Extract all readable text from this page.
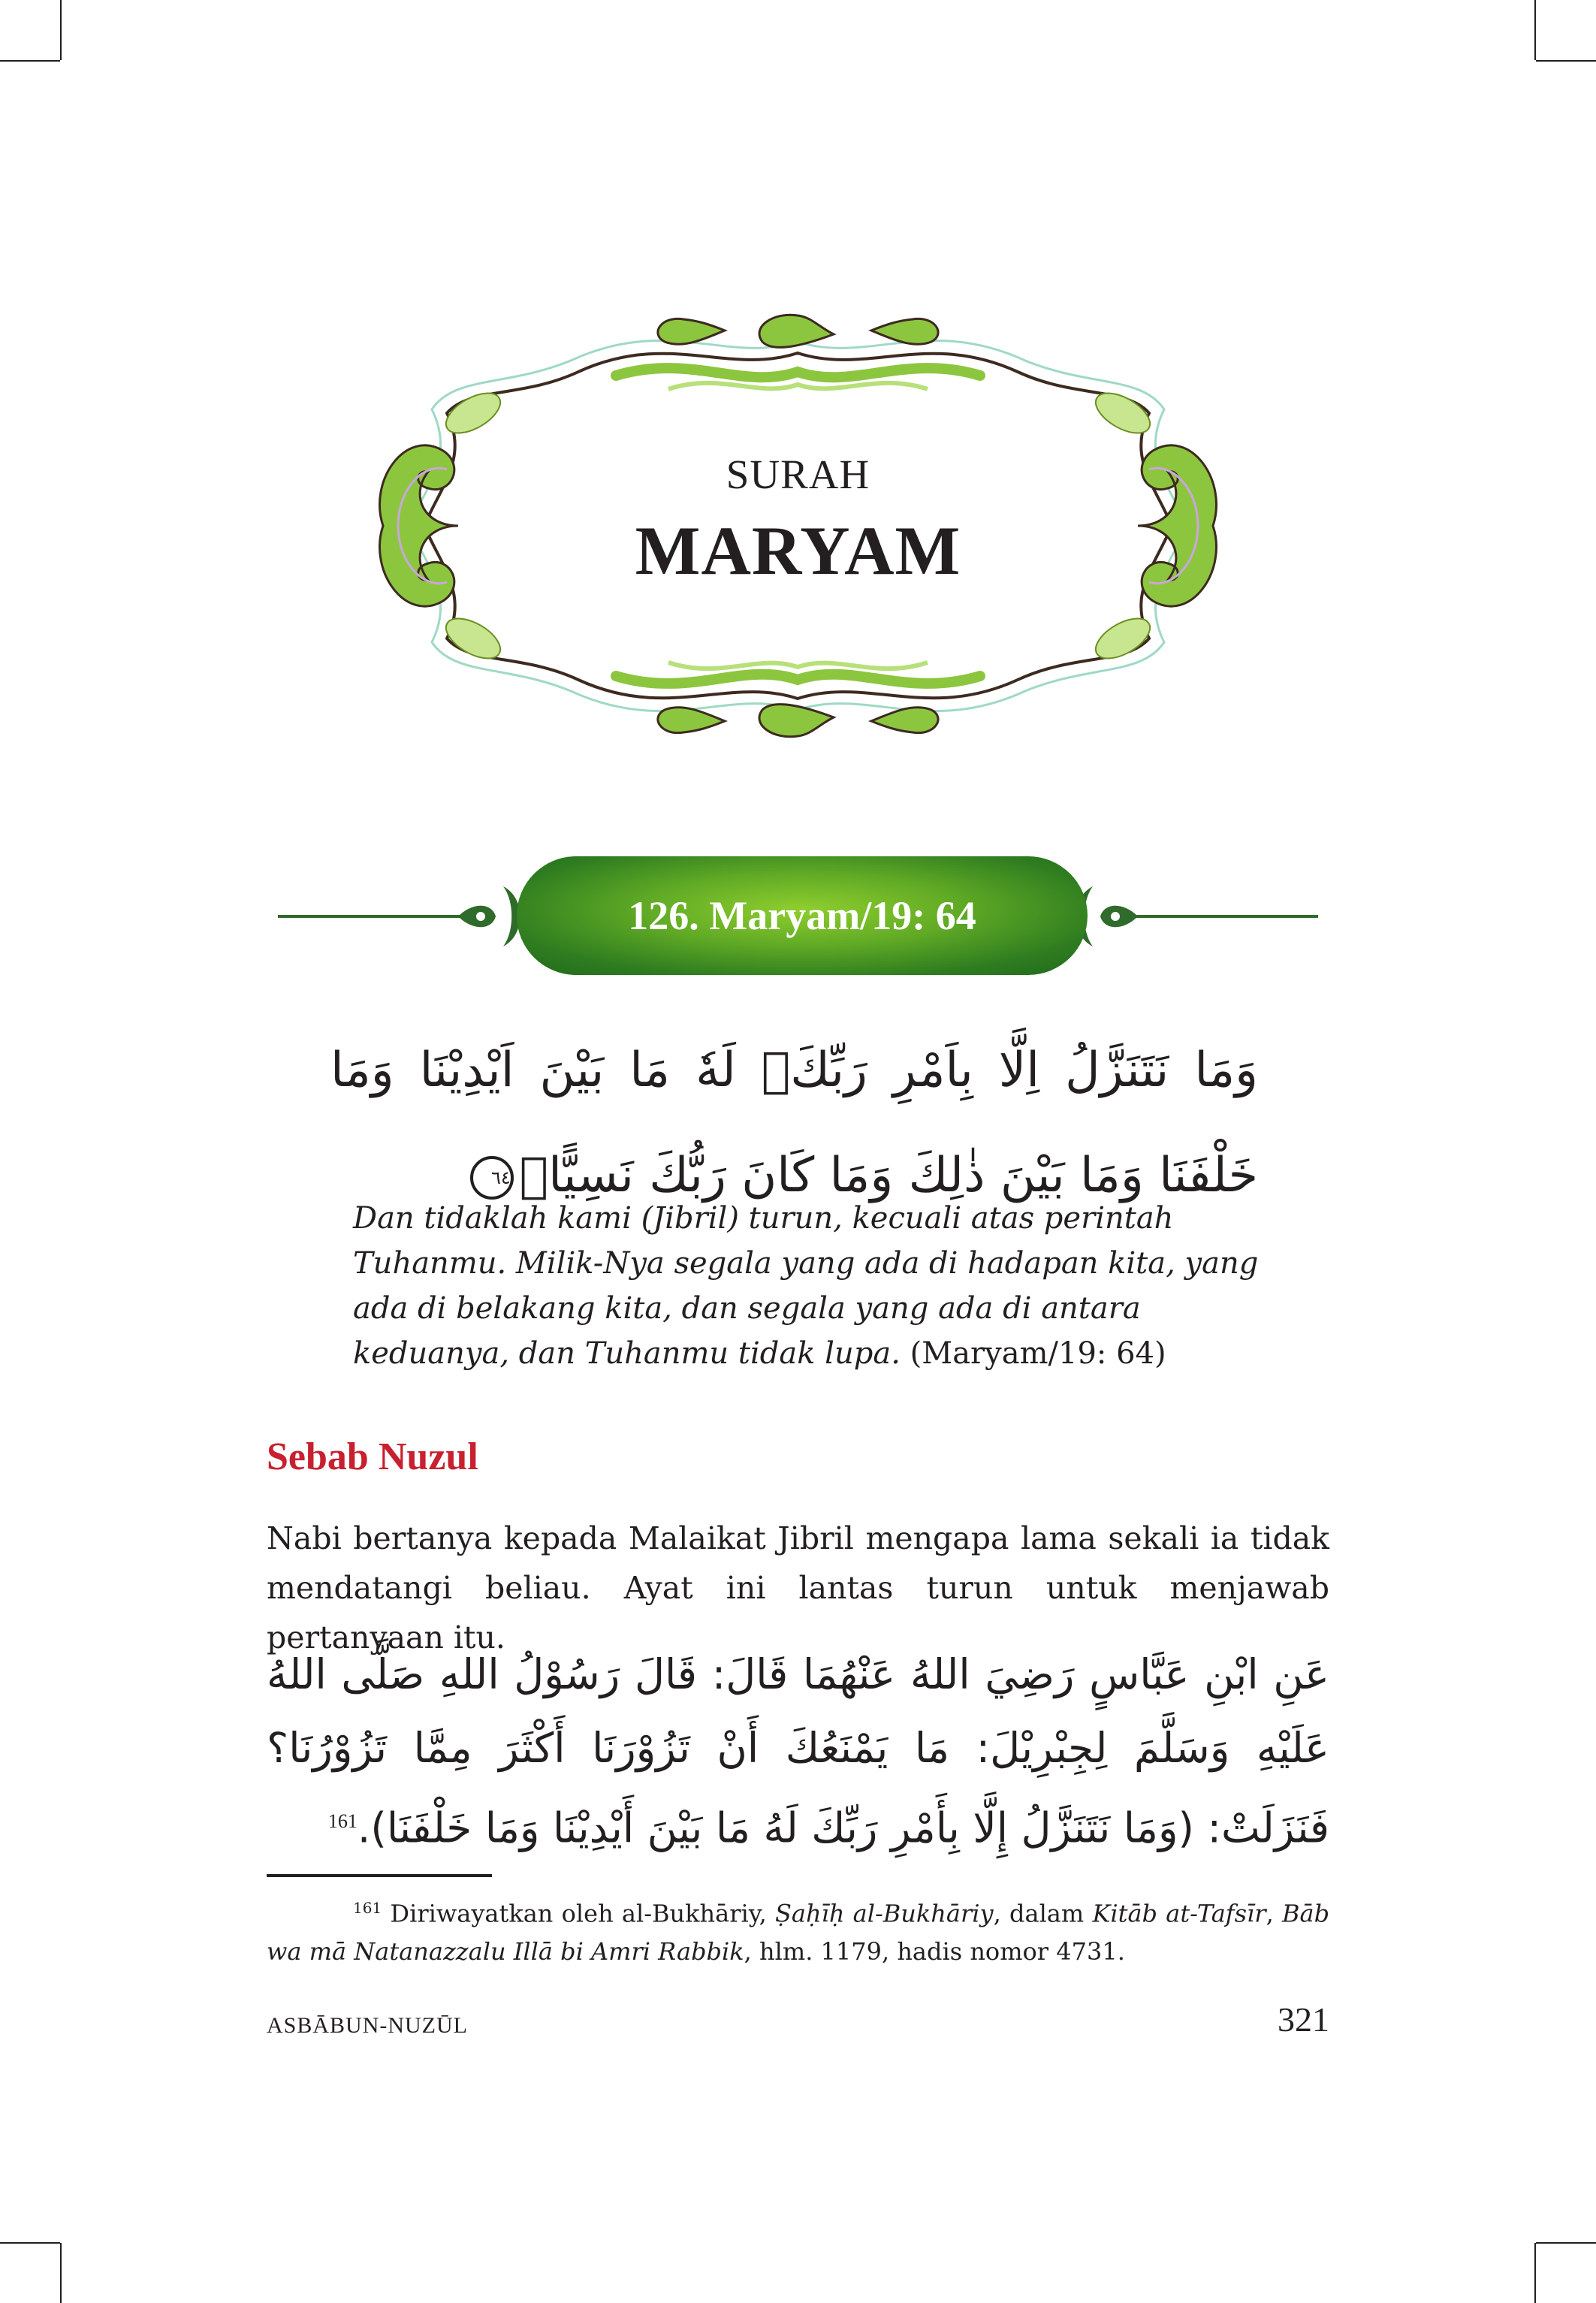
SURAH
MARYAM
126. Maryam/19: 64
وَمَا نَتَنَزَّلُ اِلَّا بِاَمْرِ رَبِّكَۚ لَهٗ مَا بَيْنَ اَيْدِيْنَا وَمَا خَلْفَنَا وَمَا بَيْنَ ذٰلِكَ وَمَا كَانَ رَبُّكَ نَسِيًّاۚ٦٤
Dan tidaklah kami (Jibril) turun, kecuali atas perintah Tuhanmu. Milik-Nya segala yang ada di hadapan kita, yang ada di belakang kita, dan segala yang ada di antara keduanya, dan Tuhanmu tidak lupa. (Maryam/19: 64)
Sebab Nuzul
Nabi bertanya kepada Malaikat Jibril mengapa lama sekali ia tidak mendatangi beliau. Ayat ini lantas turun untuk menjawab pertanyaan itu.
عَنِ ابْنِ عَبَّاسٍ رَضِيَ اللهُ عَنْهُمَا قَالَ: قَالَ رَسُوْلُ اللهِ صَلَّى اللهُ عَلَيْهِ وَسَلَّمَ لِجِبْرِيْلَ: مَا يَمْنَعُكَ أَنْ تَزُوْرَنَا أَكْثَرَ مِمَّا تَزُوْرُنَا؟ فَنَزَلَتْ: (وَمَا نَتَنَزَّلُ إِلَّا بِأَمْرِ رَبِّكَ لَهُ مَا بَيْنَ أَيْدِيْنَا وَمَا خَلْفَنَا).$^{161}$
$^{161}$ Diriwayatkan oleh al-Bukhāriy, Ṣaḥīḥ al-Bukhāriy, dalam Kitāb at-Tafsīr, Bāb wa mā Natanazzalu Illā bi Amri Rabbik, hlm. 1179, hadis nomor 4731.
ASBĀBUN-NUZŪL	321
